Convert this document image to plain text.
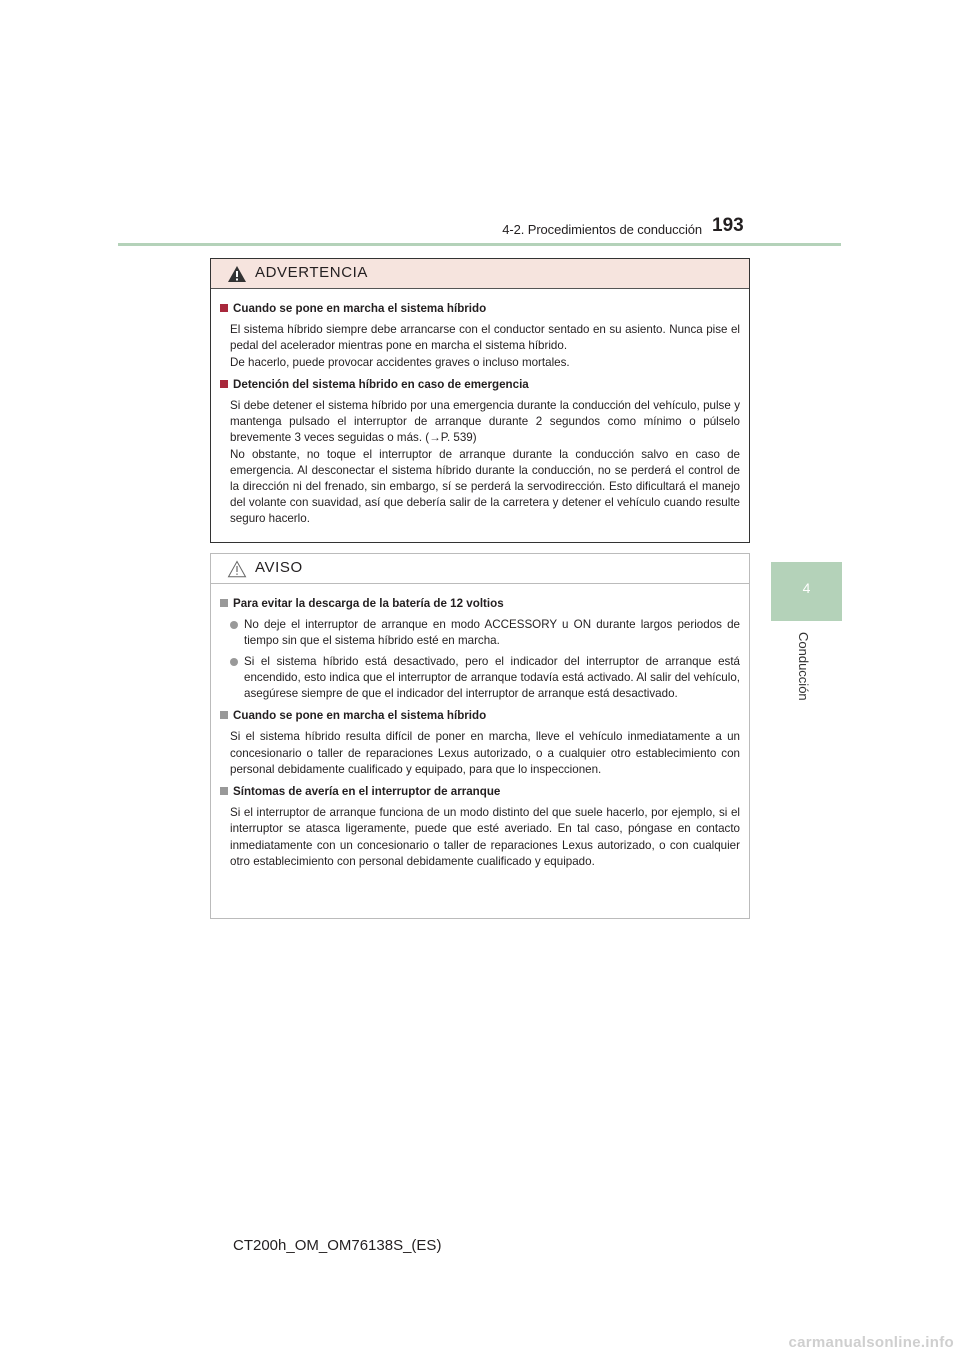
4-2. Procedimientos de conducción 193
4
Conducción
ADVERTENCIA

Cuando se pone en marcha el sistema híbrido

El sistema híbrido siempre debe arrancarse con el conductor sentado en su asiento. Nunca pise el pedal del acelerador mientras pone en marcha el sistema híbrido.

De hacerlo, puede provocar accidentes graves o incluso mortales.

Detención del sistema híbrido en caso de emergencia

Si debe detener el sistema híbrido por una emergencia durante la conducción del vehículo, pulse y mantenga pulsado el interruptor de arranque durante 2 segundos como mínimo o púlselo brevemente 3 veces seguidas o más. (→P. 539)

No obstante, no toque el interruptor de arranque durante la conducción salvo en caso de emergencia. Al desconectar el sistema híbrido durante la conducción, no se perderá el control de la dirección ni del frenado, sin embargo, sí se perderá la servodirección. Esto dificultará el manejo del volante con suavidad, así que debería salir de la carretera y detener el vehículo cuando resulte seguro hacerlo.

AVISO

Para evitar la descarga de la batería de 12 voltios

No deje el interruptor de arranque en modo ACCESSORY u ON durante largos periodos de tiempo sin que el sistema híbrido esté en marcha.
Si el sistema híbrido está desactivado, pero el indicador del interruptor de arranque está encendido, esto indica que el interruptor de arranque todavía está activado. Al salir del vehículo, asegúrese siempre de que el indicador del interruptor de arranque está desactivado.

Cuando se pone en marcha el sistema híbrido

Si el sistema híbrido resulta difícil de poner en marcha, lleve el vehículo inmediatamente a un concesionario o taller de reparaciones Lexus autorizado, o a cualquier otro establecimiento con personal debidamente cualificado y equipado, para que lo inspeccionen.

Síntomas de avería en el interruptor de arranque

Si el interruptor de arranque funciona de un modo distinto del que suele hacerlo, por ejemplo, si el interruptor se atasca ligeramente, puede que esté averiado. En tal caso, póngase en contacto inmediatamente con un concesionario o taller de reparaciones Lexus autorizado, o con cualquier otro establecimiento con personal debidamente cualificado y equipado.

CT200h_OM_OM76138S_(ES)
carmanualsonline.info
